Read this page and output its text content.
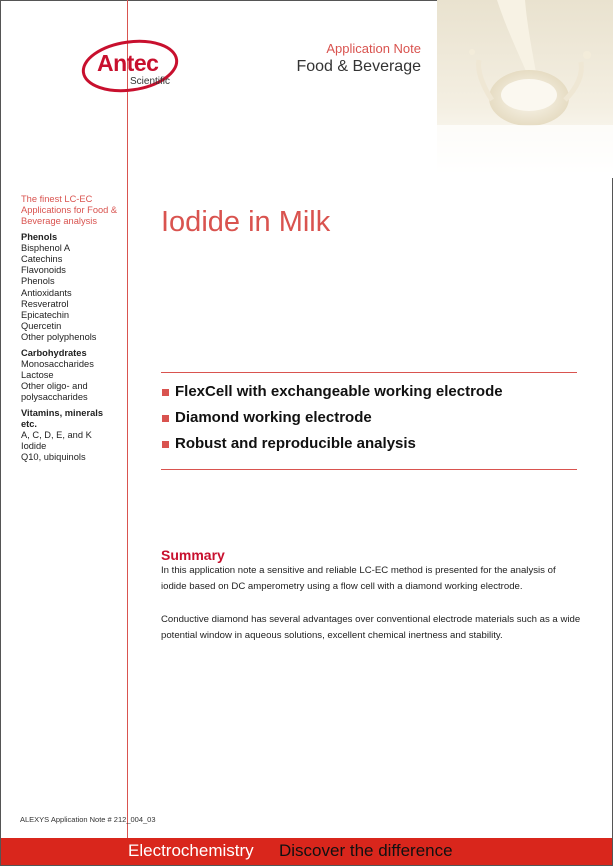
Antec
Scientific
Application Note
Food & Beverage
Iodide in Milk
The finest LC-EC Applications for Food & Beverage analysis
Phenols
Bisphenol A
Catechins
Flavonoids
Phenols
Antioxidants
Resveratrol
Epicatechin
Quercetin
Other polyphenols
Carbohydrates
Monosaccharides
Lactose
Other oligo- and polysaccharides
Vitamins, minerals etc.
A, C, D, E, and K
Iodide
Q10, ubiquinols
FlexCell with exchangeable working electrode
Diamond working electrode
Robust and reproducible analysis
Summary
In this application note a sensitive and reliable LC-EC method is presented for the analysis of iodide based on DC amperometry using a flow cell with a diamond working electrode.
Conductive diamond has several advantages over conventional electrode materials such as a wide potential window in aqueous solutions, excellent chemical inertness and stability.
ALEXYS Application Note # 212_004_03
Electrochemistry Discover the difference
